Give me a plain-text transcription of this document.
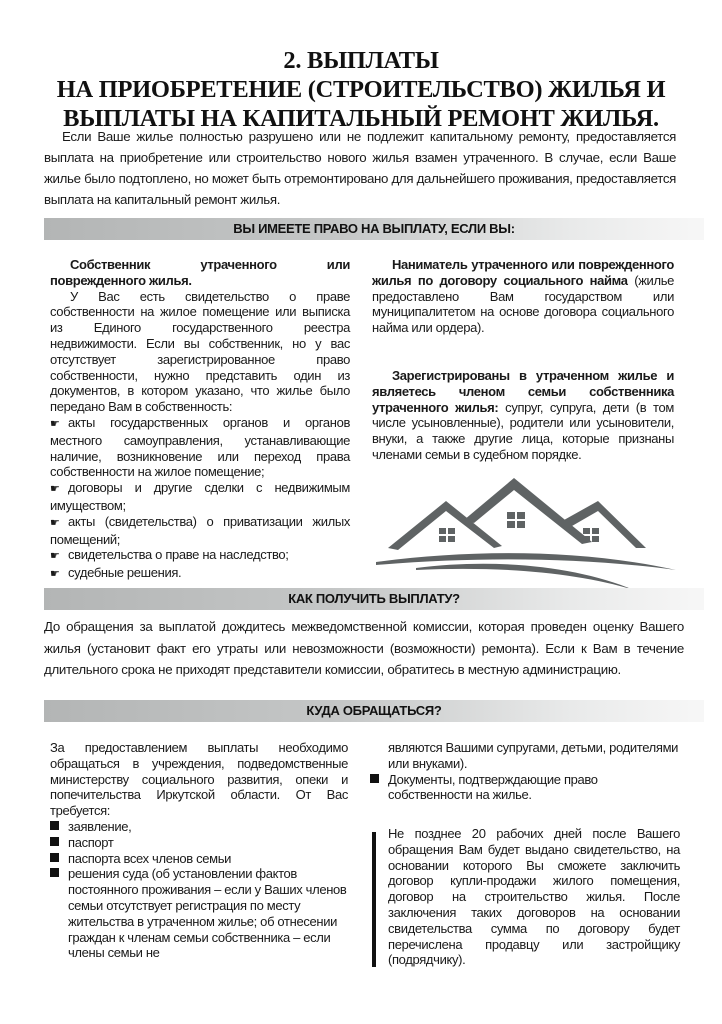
2. ВЫПЛАТЫ
НА ПРИОБРЕТЕНИЕ (СТРОИТЕЛЬСТВО) ЖИЛЬЯ И
ВЫПЛАТЫ НА КАПИТАЛЬНЫЙ РЕМОНТ ЖИЛЬЯ.

Если Ваше жилье полностью разрушено или не подлежит капитальному ремонту, предоставляется выплата на приобретение или строительство нового жилья взамен утраченного. В случае, если Ваше жилье было подтоплено, но может быть отремонтировано для дальнейшего проживания, предоставляется выплата на капитальный ремонт жилья.

ВЫ ИМЕЕТЕ ПРАВО НА ВЫПЛАТУ, ЕСЛИ ВЫ:

Собственник утраченного или поврежденного жилья.

У Вас есть свидетельство о праве собственности на жилое помещение или выписка из Единого государственного реестра недвижимости. Если вы собственник, но у вас отсутствует зарегистрированное право собственности, нужно представить один из документов, в котором указано, что жилье было передано Вам в собственность:

☛ акты государственных органов и органов местного самоуправления, устанавливающие наличие, возникновение или переход права собственности на жилое помещение;

☛ договоры и другие сделки с недвижимым имуществом;

☛ акты (свидетельства) о приватизации жилых помещений;

☛ свидетельства о праве на наследство;

☛ судебные решения.

Наниматель утраченного или поврежденного жилья по договору социального найма (жилье предоставлено Вам государством или муниципалитетом на основе договора социального найма или ордера).

Зарегистрированы в утраченном жилье и являетесь членом семьи собственника утраченного жилья: супруг, супруга, дети (в том числе усыновленные), родители или усыновители, внуки, а также другие лица, которые признаны членами семьи в судебном порядке.

КАК ПОЛУЧИТЬ ВЫПЛАТУ?
До обращения за выплатой дождитесь межведомственной комиссии, которая проведен оценку Вашего жилья (установит факт его утраты или невозможности (возможности) ремонта). Если к Вам в течение длительного срока не приходят представители комиссии, обратитесь в местную администрацию.
КУДА ОБРАЩАТЬСЯ?

За предоставлением выплаты необходимо обращаться в учреждения, подведомственные министерству социального развития, опеки и попечительства Иркутской области. От Вас требуется:

заявление,

паспорт

паспорта всех членов семьи

решения суда (об установлении фактов постоянного проживания – если у Ваших членов семьи отсутствует регистрация по месту жительства в утраченном жилье; об отнесении граждан к членам семьи собственника – если члены семьи не

являются Вашими супругами, детьми, родителями или внуками).

Документы, подтверждающие право собственности на жилье.

Не позднее 20 рабочих дней после Вашего обращения Вам будет выдано свидетельство, на основании которого Вы сможете заключить договор купли-продажи жилого помещения, договор на строительство жилья. После заключения таких договоров на основании свидетельства сумма по договору будет перечислена продавцу или застройщику (подрядчику).
